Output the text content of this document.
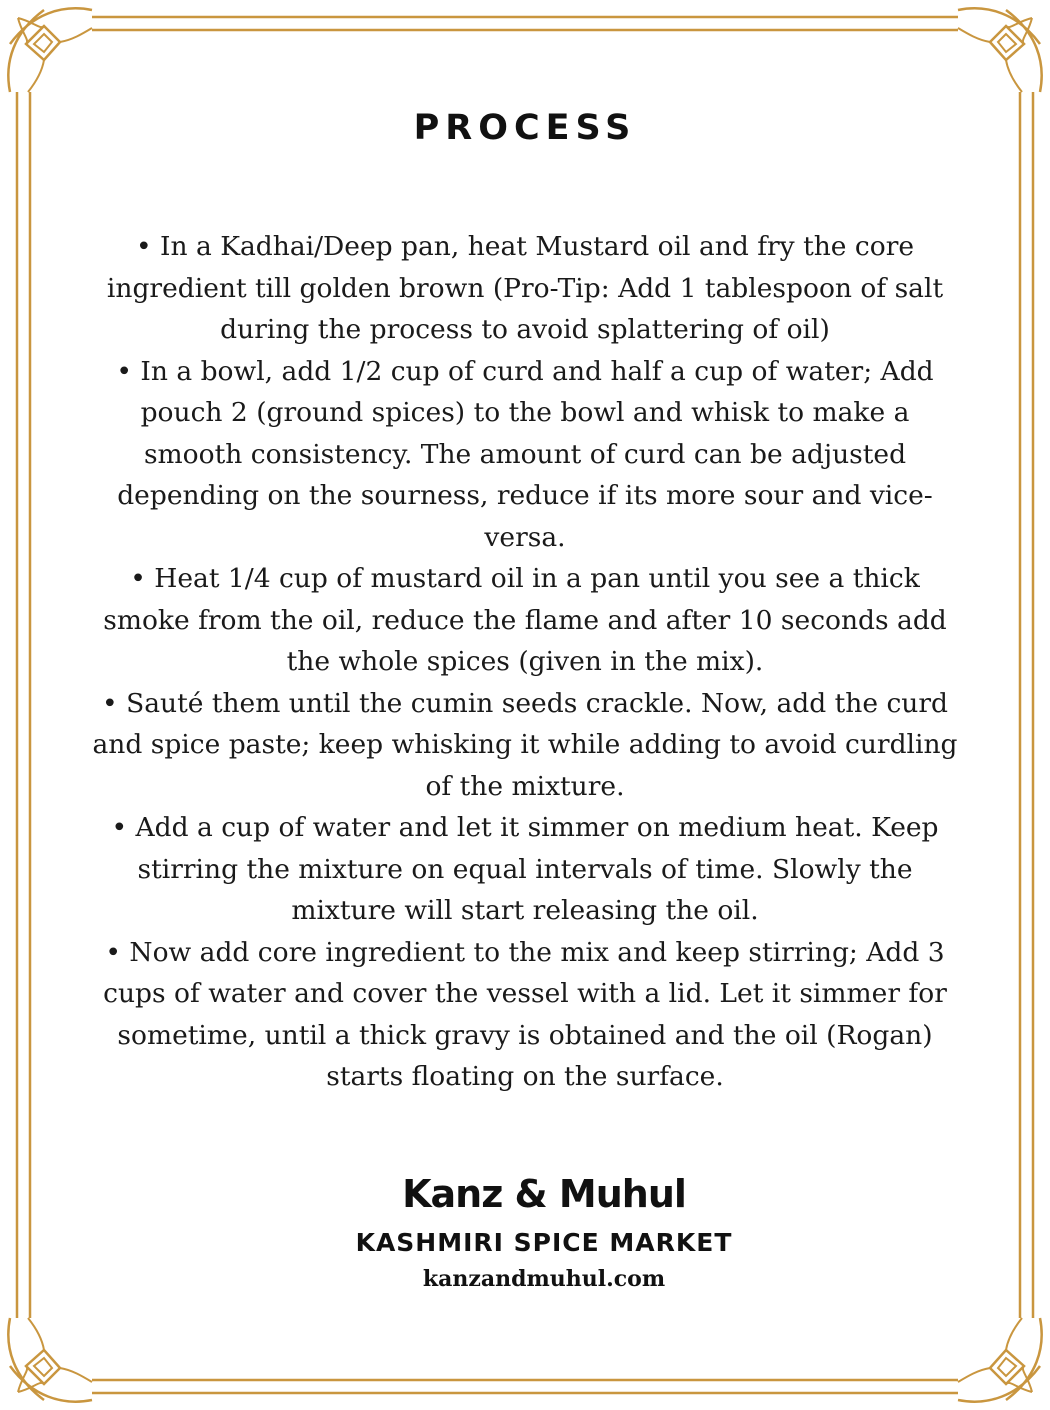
PROCESS
• In a Kadhai/Deep pan, heat Mustard oil and fry the core ingredient till golden brown (Pro-Tip: Add 1 tablespoon of salt during the process to avoid splattering of oil)
• In a bowl, add 1/2 cup of curd and half a cup of water; Add pouch 2 (ground spices) to the bowl and whisk to make a smooth consistency. The amount of curd can be adjusted depending on the sourness, reduce if its more sour and vice-versa.
• Heat 1/4 cup of mustard oil in a pan until you see a thick smoke from the oil, reduce the flame and after 10 seconds add the whole spices (given in the mix).
• Sauté them until the cumin seeds crackle. Now, add the curd and spice paste; keep whisking it while adding to avoid curdling of the mixture.
• Add a cup of water and let it simmer on medium heat. Keep stirring the mixture on equal intervals of time. Slowly the mixture will start releasing the oil.
• Now add core ingredient to the mix and keep stirring; Add 3 cups of water and cover the vessel with a lid. Let it simmer for sometime, until a thick gravy is obtained and the oil (Rogan) starts floating on the surface.
Kanz & Muhul
KASHMIRI SPICE MARKET
kanzandmuhul.com
